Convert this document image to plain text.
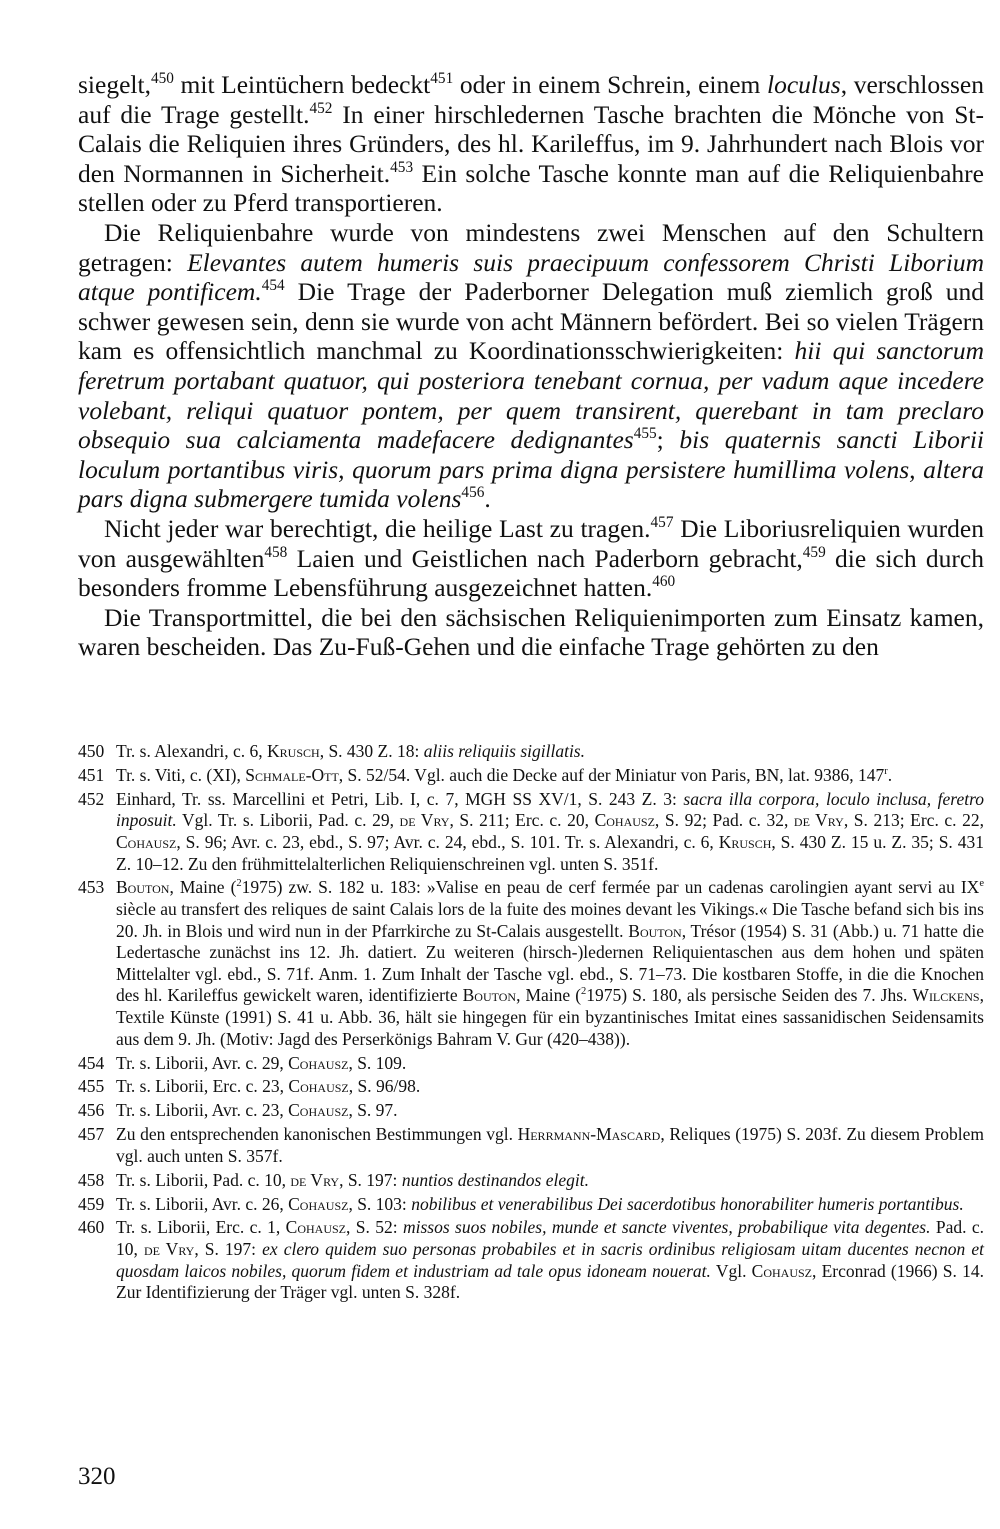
siegelt,$^{450}$ mit Leintüchern bedeckt$^{451}$ oder in einem Schrein, einem loculus, verschlossen auf die Trage gestellt.$^{452}$ In einer hirschledernen Tasche brachten die Mönche von St-Calais die Reliquien ihres Gründers, des hl. Karileffus, im 9. Jahrhundert nach Blois vor den Normannen in Sicherheit.$^{453}$ Ein solche Tasche konnte man auf die Reliquienbahre stellen oder zu Pferd transportieren.

Die Reliquienbahre wurde von mindestens zwei Menschen auf den Schultern getragen: Elevantes autem humeris suis praecipuum confessorem Christi Liborium atque pontificem.$^{454}$ Die Trage der Paderborner Delegation muß ziemlich groß und schwer gewesen sein, denn sie wurde von acht Männern befördert. Bei so vielen Trägern kam es offensichtlich manchmal zu Koordinationsschwierigkeiten: hii qui sanctorum feretrum portabant quatuor, qui posteriora tenebant cornua, per vadum aque incedere volebant, reliqui quatuor pontem, per quem transirent, querebant in tam preclaro obsequio sua calciamenta madefacere dedignantes$^{455}$; bis quaternis sancti Liborii loculum portantibus viris, quorum pars prima digna persistere humillima volens, altera pars digna submergere tumida volens$^{456}$.

Nicht jeder war berechtigt, die heilige Last zu tragen.$^{457}$ Die Liboriusreliquien wurden von ausgewählten$^{458}$ Laien und Geistlichen nach Paderborn gebracht,$^{459}$ die sich durch besonders fromme Lebensführung ausgezeichnet hatten.$^{460}$

Die Transportmittel, die bei den sächsischen Reliquienimporten zum Einsatz kamen, waren bescheiden. Das Zu-Fuß-Gehen und die einfache Trage gehörten zu den

450 Tr. s. Alexandri, c. 6, Krusch, S. 430 Z. 18: aliis reliquiis sigillatis.

451 Tr. s. Viti, c. (XI), Schmale-Ott, S. 52/54. Vgl. auch die Decke auf der Miniatur von Paris, BN, lat. 9386, 147$^r$.

452 Einhard, Tr. ss. Marcellini et Petri, Lib. I, c. 7, MGH SS XV/1, S. 243 Z. 3: sacra illa corpora, loculo inclusa, feretro inposuit. Vgl. Tr. s. Liborii, Pad. c. 29, de Vry, S. 211; Erc. c. 20, Cohausz, S. 92; Pad. c. 32, de Vry, S. 213; Erc. c. 22, Cohausz, S. 96; Avr. c. 23, ebd., S. 97; Avr. c. 24, ebd., S. 101. Tr. s. Alexandri, c. 6, Krusch, S. 430 Z. 15 u. Z. 35; S. 431 Z. 10–12. Zu den frühmittelalterlichen Reliquienschreinen vgl. unten S. 351f.

453 Bouton, Maine ($^2$1975) zw. S. 182 u. 183: »Valise en peau de cerf fermée par un cadenas carolingien ayant servi au IXe siècle au transfert des reliques de saint Calais lors de la fuite des moines devant les Vikings.« Die Tasche befand sich bis ins 20. Jh. in Blois und wird nun in der Pfarrkirche zu St-Calais ausgestellt. Bouton, Trésor (1954) S. 31 (Abb.) u. 71 hatte die Ledertasche zunächst ins 12. Jh. datiert. Zu weiteren (hirsch-)ledernen Reliquientaschen aus dem hohen und späten Mittelalter vgl. ebd., S. 71f. Anm. 1. Zum Inhalt der Tasche vgl. ebd., S. 71–73. Die kostbaren Stoffe, in die die Knochen des hl. Karileffus gewickelt waren, identifizierte Bouton, Maine ($^2$1975) S. 180, als persische Seiden des 7. Jhs. Wilckens, Textile Künste (1991) S. 41 u. Abb. 36, hält sie hingegen für ein byzantinisches Imitat eines sassanidischen Seidensamits aus dem 9. Jh. (Motiv: Jagd des Perserkönigs Bahram V. Gur (420–438)).

454 Tr. s. Liborii, Avr. c. 29, Cohausz, S. 109.

455 Tr. s. Liborii, Erc. c. 23, Cohausz, S. 96/98.

456 Tr. s. Liborii, Avr. c. 23, Cohausz, S. 97.

457 Zu den entsprechenden kanonischen Bestimmungen vgl. Herrmann-Mascard, Reliques (1975) S. 203f. Zu diesem Problem vgl. auch unten S. 357f.

458 Tr. s. Liborii, Pad. c. 10, de Vry, S. 197: nuntios destinandos elegit.

459 Tr. s. Liborii, Avr. c. 26, Cohausz, S. 103: nobilibus et venerabilibus Dei sacerdotibus honorabiliter humeris portantibus.

460 Tr. s. Liborii, Erc. c. 1, Cohausz, S. 52: missos suos nobiles, munde et sancte viventes, probabilique vita degentes. Pad. c. 10, de Vry, S. 197: ex clero quidem suo personas probabiles et in sacris ordinibus religiosam uitam ducentes necnon et quosdam laicos nobiles, quorum fidem et industriam ad tale opus idoneam nouerat. Vgl. Cohausz, Erconrad (1966) S. 14. Zur Identifizierung der Träger vgl. unten S. 328f.

320
